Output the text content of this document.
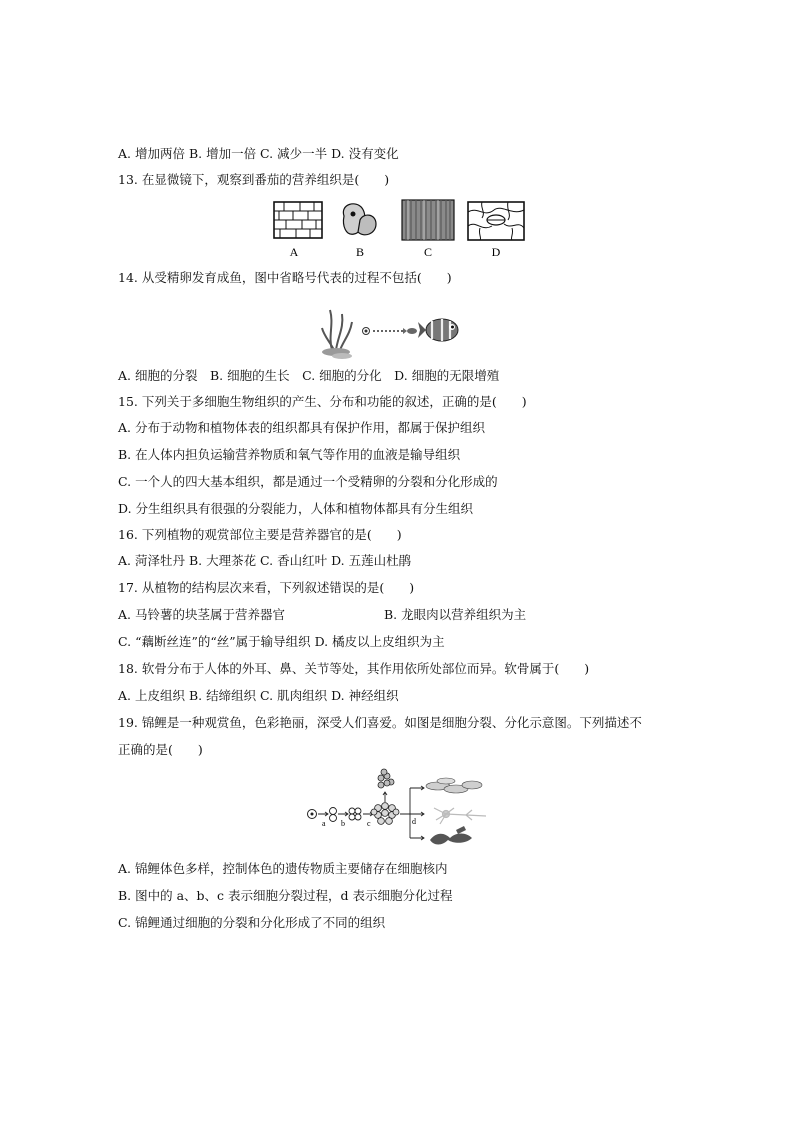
A. 增加两倍 B. 增加一倍 C. 减少一半 D. 没有变化
13. 在显微镜下，观察到番茄的营养组织是(　　)
A	B	C	D
14. 从受精卵发育成鱼，图中省略号代表的过程不包括(　　)
A. 细胞的分裂　B. 细胞的生长　C. 细胞的分化　D. 细胞的无限增殖
15. 下列关于多细胞生物组织的产生、分布和功能的叙述，正确的是(　　)
A. 分布于动物和植物体表的组织都具有保护作用，都属于保护组织
B. 在人体内担负运输营养物质和氧气等作用的血液是输导组织
C. 一个人的四大基本组织，都是通过一个受精卵的分裂和分化形成的
D. 分生组织具有很强的分裂能力，人体和植物体都具有分生组织
16. 下列植物的观赏部位主要是营养器官的是(　　)
A. 菏泽牡丹 B. 大理茶花 C. 香山红叶 D. 五莲山杜鹃
17. 从植物的结构层次来看，下列叙述错误的是(　　)
A. 马铃薯的块茎属于营养器官	B. 龙眼肉以营养组织为主
C. “藕断丝连”的“丝”属于输导组织 D. 橘皮以上皮组织为主
18. 软骨分布于人体的外耳、鼻、关节等处，其作用依所处部位而异。软骨属于(　　)
A. 上皮组织 B. 结缔组织 C. 肌肉组织 D. 神经组织
19. 锦鲤是一种观赏鱼，色彩艳丽，深受人们喜爱。如图是细胞分裂、分化示意图。下列描述不
正确的是(　　)
a b	c	d
A. 锦鲤体色多样，控制体色的遗传物质主要储存在细胞核内
B. 图中的 a、b、c 表示细胞分裂过程，d 表示细胞分化过程
C. 锦鲤通过细胞的分裂和分化形成了不同的组织
